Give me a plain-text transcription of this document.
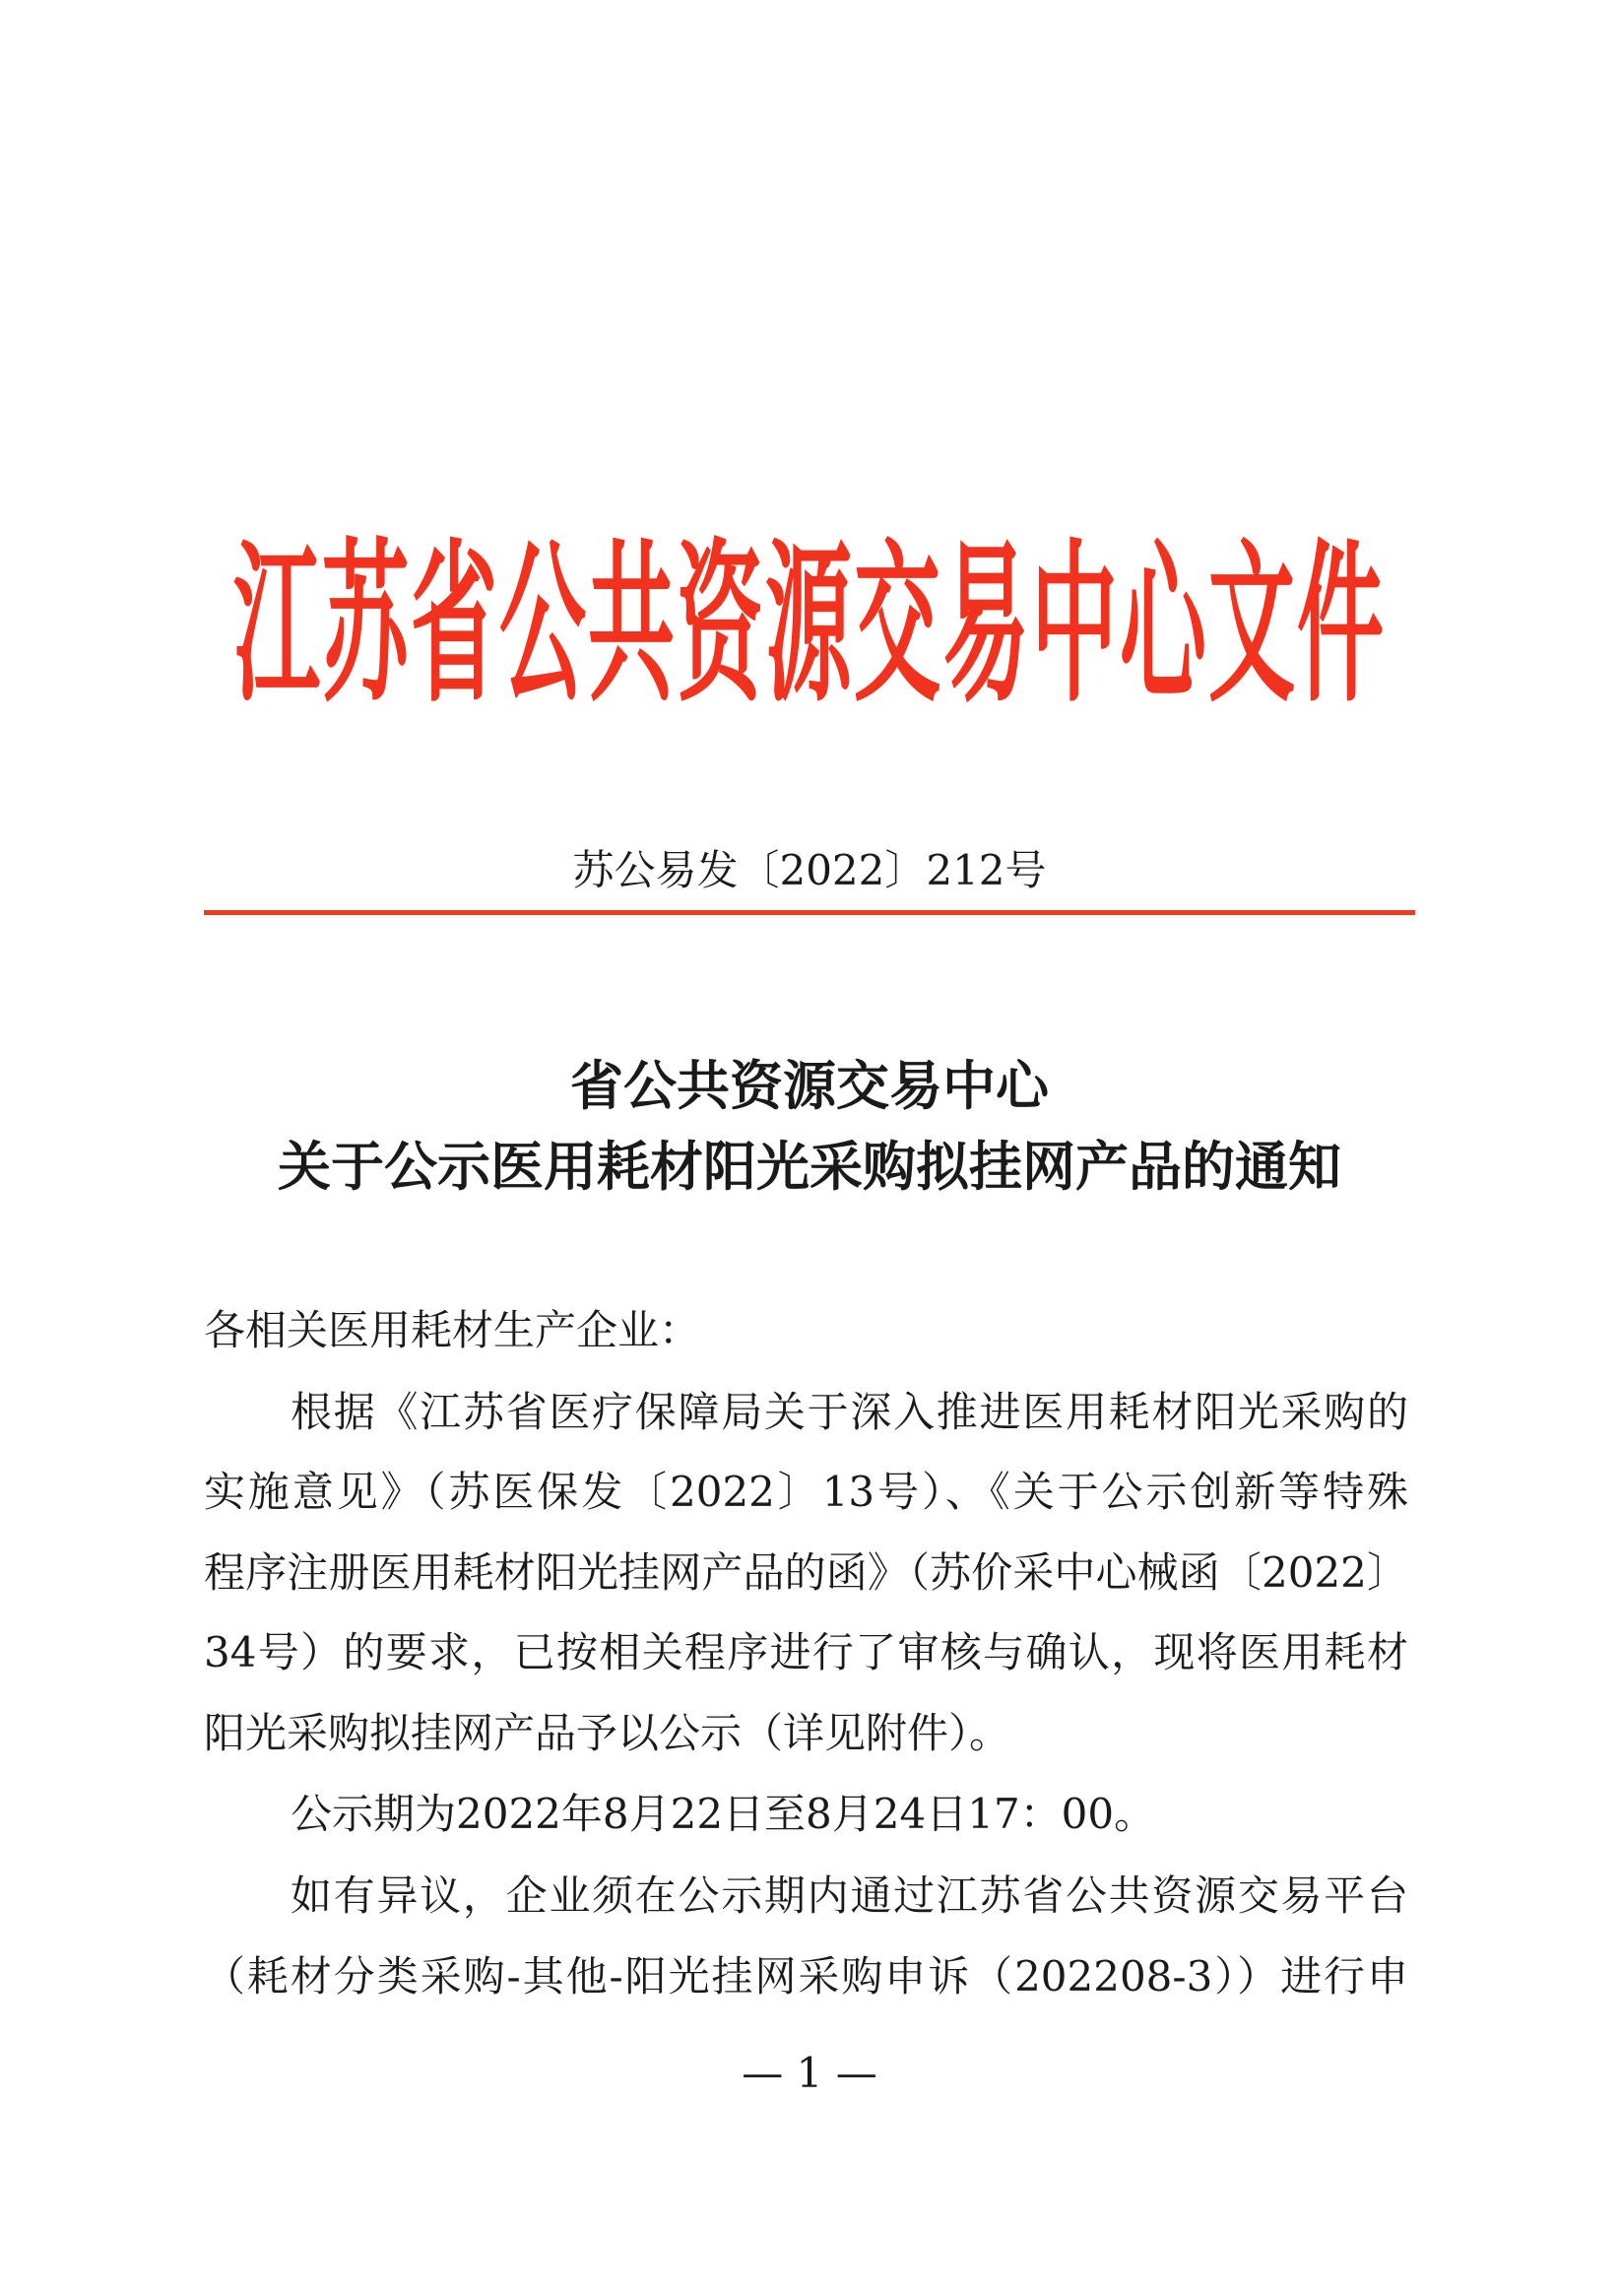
江苏省公共资源交易中心文件
苏公易发〔2022〕212号
省公共资源交易中心
关于公示医用耗材阳光采购拟挂网产品的通知
各相关医用耗材生产企业：
根据《江苏省医疗保障局关于深入推进医用耗材阳光采购的
实施意见》（苏医保发〔2022〕13号）、《关于公示创新等特殊
程序注册医用耗材阳光挂网产品的函》（苏价采中心械函〔2022〕
34号）的要求，已按相关程序进行了审核与确认，现将医用耗材
阳光采购拟挂网产品予以公示（详见附件）。
公示期为2022年8月22日至8月24日17：00。
如有异议，企业须在公示期内通过江苏省公共资源交易平台
（耗材分类采购-其他-阳光挂网采购申诉（202208-3））进行申
— 1 —
